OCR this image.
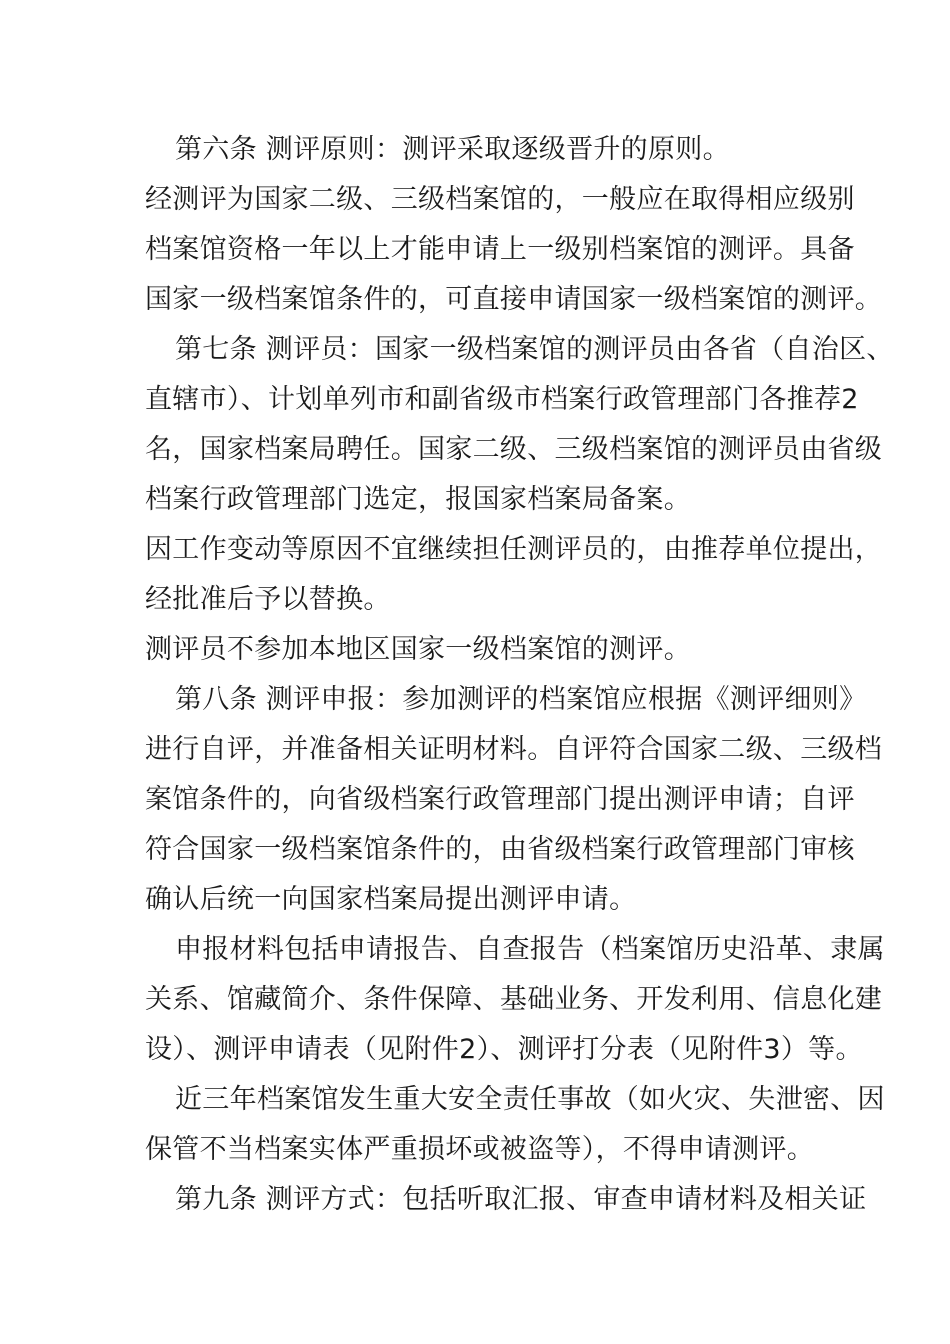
第六条 测评原则：测评采取逐级晋升的原则。
经测评为国家二级、三级档案馆的，一般应在取得相应级别
档案馆资格一年以上才能申请上一级别档案馆的测评。具备
国家一级档案馆条件的，可直接申请国家一级档案馆的测评。
第七条 测评员：国家一级档案馆的测评员由各省（自治区、
直辖市）、计划单列市和副省级市档案行政管理部门各推荐2
名，国家档案局聘任。国家二级、三级档案馆的测评员由省级
档案行政管理部门选定，报国家档案局备案。
因工作变动等原因不宜继续担任测评员的，由推荐单位提出，
经批准后予以替换。
测评员不参加本地区国家一级档案馆的测评。
第八条 测评申报：参加测评的档案馆应根据《测评细则》
进行自评，并准备相关证明材料。自评符合国家二级、三级档
案馆条件的，向省级档案行政管理部门提出测评申请；自评
符合国家一级档案馆条件的，由省级档案行政管理部门审核
确认后统一向国家档案局提出测评申请。
申报材料包括申请报告、自查报告（档案馆历史沿革、隶属
关系、馆藏简介、条件保障、基础业务、开发利用、信息化建
设）、测评申请表（见附件2）、测评打分表（见附件3）等。
近三年档案馆发生重大安全责任事故（如火灾、失泄密、因
保管不当档案实体严重损坏或被盗等），不得申请测评。
第九条 测评方式：包括听取汇报、审查申请材料及相关证
